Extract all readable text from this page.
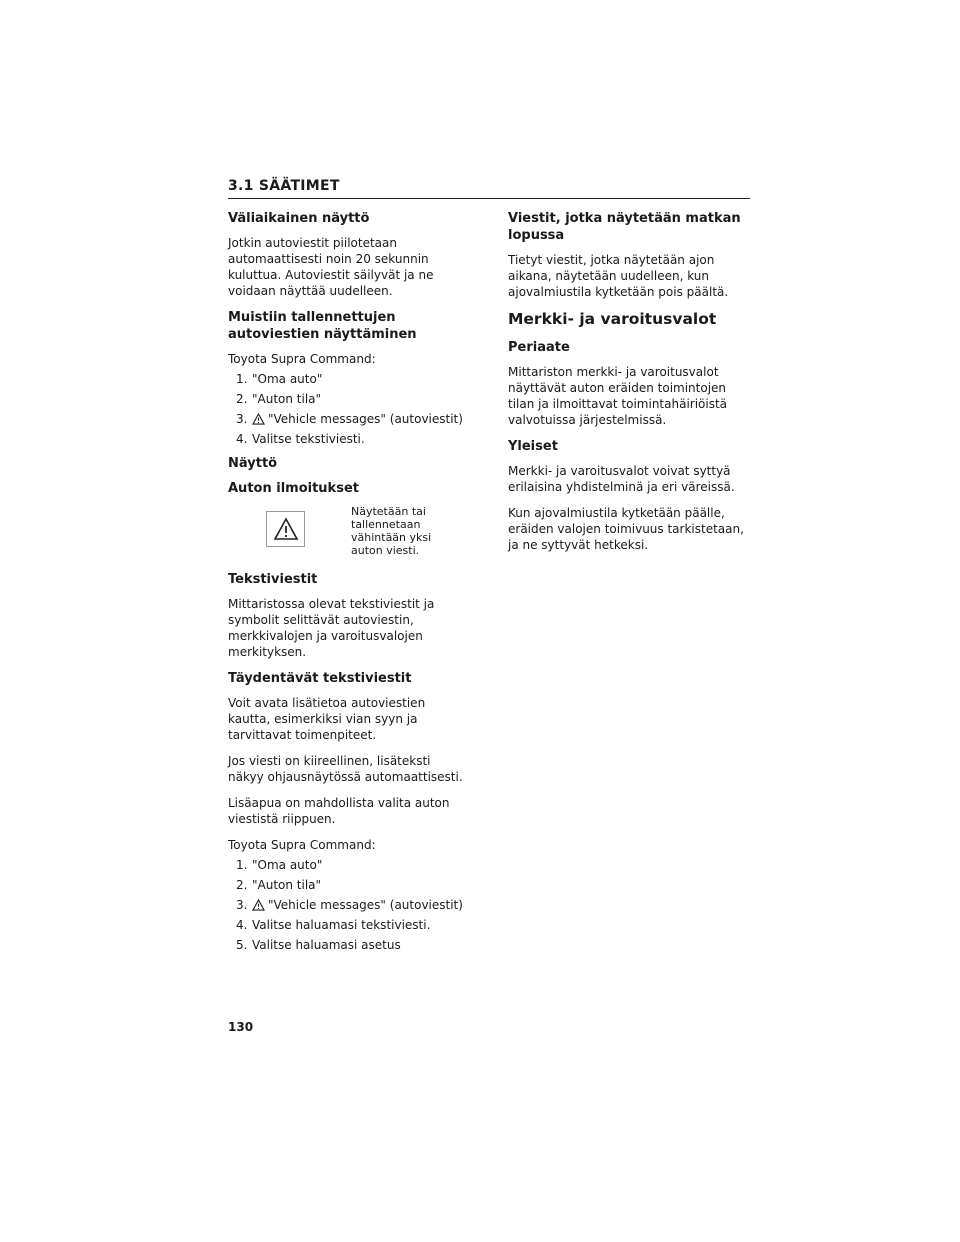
3.1 SÄÄTIMET
Väliaikainen näyttö

Jotkin autoviestit piilotetaan automaattisesti noin 20 sekunnin kuluttua. Autoviestit säilyvät ja ne voidaan näyttää uudelleen.

Muistiin tallennettujen autoviestien näyttäminen

Toyota Supra Command:

1. "Oma auto"
2. "Auton tila"
3.	"Vehicle messages" (autoviestit)
4. Valitse tekstiviesti.
Näyttö
Auton ilmoitukset
Näytetään tai tallennetaan vähintään yksi auton viesti.
Tekstiviestit

Mittaristossa olevat tekstiviestit ja symbolit selittävät autoviestin, merkkivalojen ja varoitusvalojen merkityksen.

Täydentävät tekstiviestit

Voit avata lisätietoa autoviestien kautta, esimerkiksi vian syyn ja tarvittavat toimenpiteet.

Jos viesti on kiireellinen, lisäteksti näkyy ohjausnäytössä automaattisesti.

Lisäapua on mahdollista valita auton viestistä riippuen.

Toyota Supra Command:

1. "Oma auto"
2. "Auton tila"
3.	"Vehicle messages" (autoviestit)
4. Valitse haluamasi tekstiviesti.
5. Valitse haluamasi asetus
Viestit, jotka näytetään matkan lopussa

Tietyt viestit, jotka näytetään ajon aikana, näytetään uudelleen, kun ajovalmiustila kytketään pois päältä.

Merkki- ja varoitusvalot
Periaate

Mittariston merkki- ja varoitusvalot näyttävät auton eräiden toimintojen tilan ja ilmoittavat toimintahäiriöistä valvotuissa järjestelmissä.

Yleiset

Merkki- ja varoitusvalot voivat syttyä erilaisina yhdistelminä ja eri väreissä.

Kun ajovalmiustila kytketään päälle, eräiden valojen toimivuus tarkistetaan, ja ne syttyvät hetkeksi.

130
